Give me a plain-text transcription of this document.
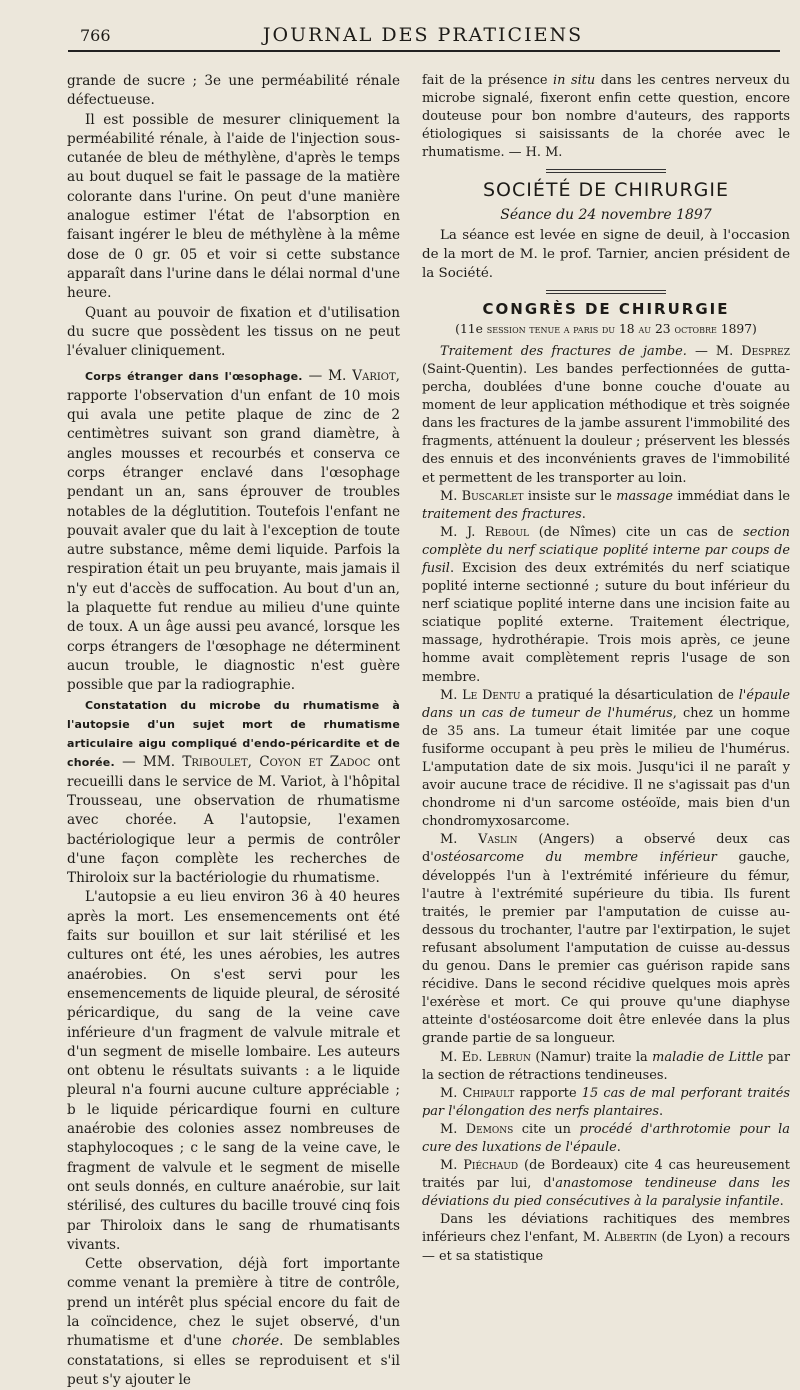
766	JOURNAL DES PRATICIENS

grande de sucre ; 3e une perméabilité rénale défectueuse.

Il est possible de mesurer cliniquement la perméabilité rénale, à l'aide de l'injection sous-cutanée de bleu de méthylène, d'après le temps au bout duquel se fait le passage de la matière colorante dans l'urine. On peut d'une manière analogue estimer l'état de l'absorption en faisant ingérer le bleu de méthylène à la même dose de 0 gr. 05 et voir si cette substance apparaît dans l'urine dans le délai normal d'une heure.

Quant au pouvoir de fixation et d'utilisation du sucre que possèdent les tissus on ne peut l'évaluer cliniquement.

Corps étranger dans l'œsophage. — M. Variot, rapporte l'observation d'un enfant de 10 mois qui avala une petite plaque de zinc de 2 centimètres suivant son grand diamètre, à angles mousses et recourbés et conserva ce corps étranger enclavé dans l'œsophage pendant un an, sans éprouver de troubles notables de la déglutition. Toutefois l'enfant ne pouvait avaler que du lait à l'exception de toute autre substance, même demi liquide. Parfois la respiration était un peu bruyante, mais jamais il n'y eut d'accès de suffocation. Au bout d'un an, la plaquette fut rendue au milieu d'une quinte de toux. A un âge aussi peu avancé, lorsque les corps étrangers de l'œsophage ne déterminent aucun trouble, le diagnostic n'est guère possible que par la radiographie.

Constatation du microbe du rhumatisme à l'autopsie d'un sujet mort de rhumatisme articulaire aigu compliqué d'endo-péricardite et de chorée. — MM. Triboulet, Coyon et Zadoc ont recueilli dans le service de M. Variot, à l'hôpital Trousseau, une observation de rhumatisme avec chorée. A l'autopsie, l'examen bactériologique leur a permis de contrôler d'une façon complète les recherches de Thiroloix sur la bactériologie du rhumatisme.

L'autopsie a eu lieu environ 36 à 40 heures après la mort. Les ensemencements ont été faits sur bouillon et sur lait stérilisé et les cultures ont été, les unes aérobies, les autres anaérobies. On s'est servi pour les ensemencements de liquide pleural, de sérosité péricardique, du sang de la veine cave inférieure d'un fragment de valvule mitrale et d'un segment de miselle lombaire. Les auteurs ont obtenu le résultats suivants : a le liquide pleural n'a fourni aucune culture appréciable ; b le liquide péricardique fourni en culture anaérobie des colonies assez nombreuses de staphylocoques ; c le sang de la veine cave, le fragment de valvule et le segment de miselle ont seuls donnés, en culture anaérobie, sur lait stérilisé, des cultures du bacille trouvé cinq fois par Thiroloix dans le sang de rhumatisants vivants.

Cette observation, déjà fort importante comme venant la première à titre de contrôle, prend un intérêt plus spécial encore du fait de la coïncidence, chez le sujet observé, d'un rhumatisme et d'une chorée. De semblables constatations, si elles se reproduisent et s'il peut s'y ajouter le

fait de la présence in situ dans les centres nerveux du microbe signalé, fixeront enfin cette question, encore douteuse pour bon nombre d'auteurs, des rapports étiologiques si saisissants de la chorée avec le rhumatisme. — H. M.

SOCIÉTÉ DE CHIRURGIE
Séance du 24 novembre 1897

La séance est levée en signe de deuil, à l'occasion de la mort de M. le prof. Tarnier, ancien président de la Société.

CONGRÈS DE CHIRURGIE
(11e session tenue a paris du 18 au 23 octobre 1897)

Traitement des fractures de jambe. — M. Desprez (Saint-Quentin). Les bandes perfectionnées de gutta-percha, doublées d'une bonne couche d'ouate au moment de leur application méthodique et très soignée dans les fractures de la jambe assurent l'immobilité des fragments, atténuent la douleur ; préservent les blessés des ennuis et des inconvénients graves de l'immobilité et permettent de les transporter au loin.

M. Buscarlet insiste sur le massage immédiat dans le traitement des fractures.

M. J. Reboul (de Nîmes) cite un cas de section complète du nerf sciatique poplité interne par coups de fusil. Excision des deux extrémités du nerf sciatique poplité interne sectionné ; suture du bout inférieur du nerf sciatique poplité interne dans une incision faite au sciatique poplité externe. Traitement électrique, massage, hydrothérapie. Trois mois après, ce jeune homme avait complètement repris l'usage de son membre.

M. Le Dentu a pratiqué la désarticulation de l'épaule dans un cas de tumeur de l'humérus, chez un homme de 35 ans. La tumeur était limitée par une coque fusiforme occupant à peu près le milieu de l'humérus. L'amputation date de six mois. Jusqu'ici il ne paraît y avoir aucune trace de récidive. Il ne s'agissait pas d'un chondrome ni d'un sarcome ostéoïde, mais bien d'un chondromyxosarcome.

M. Vaslin (Angers) a observé deux cas d'ostéosarcome du membre inférieur gauche, développés l'un à l'extrémité inférieure du fémur, l'autre à l'extrémité supérieure du tibia. Ils furent traités, le premier par l'amputation de cuisse au-dessous du trochanter, l'autre par l'extirpation, le sujet refusant absolument l'amputation de cuisse au-dessus du genou. Dans le premier cas guérison rapide sans récidive. Dans le second récidive quelques mois après l'exérèse et mort. Ce qui prouve qu'une diaphyse atteinte d'ostéosarcome doit être enlevée dans la plus grande partie de sa longueur.

M. Ed. Lebrun (Namur) traite la maladie de Little par la section de rétractions tendineuses.

M. Chipault rapporte 15 cas de mal perforant traités par l'élongation des nerfs plantaires.

M. Demons cite un procédé d'arthrotomie pour la cure des luxations de l'épaule.

M. Piéchaud (de Bordeaux) cite 4 cas heureusement traités par lui, d'anastomose tendineuse dans les déviations du pied consécutives à la paralysie infantile.

Dans les déviations rachitiques des membres inférieurs chez l'enfant, M. Albertin (de Lyon) a recours — et sa statistique
